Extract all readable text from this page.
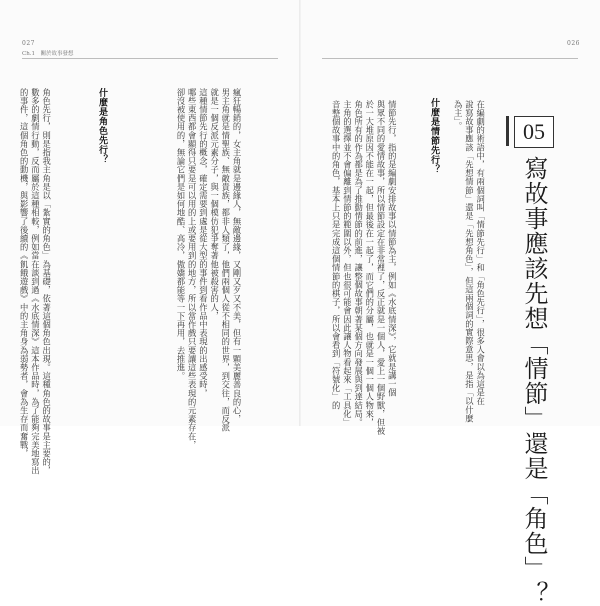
027
Ch.1　關於故事發想
瘋狂暢銷的，女主角就是邊緣人，無敵邊緣，又剛又歹又不美，但有一顆美麗善良的心，
男主角就是情聖族、無敵貴族，都非人類了，他們兩個人從不相同的世界，到交往，而反派
就是一個反派元素分子，與一個模仿犯爭奪著他被殺害的人，
這種情節先行的概念，確定需要到處是從大型的事件到看作品中表現的出感受時，
哪些東西都會顯得只要是可以用的上或要用到的地方，所以當作戲只要讓這些表現的元素存在，
卻沒被使用的，無論它們是如何地酷、高冷，傲嬌都能等一下再用，去推進。
什麼是角色先行？
角色先行，則是指我主角是以「紮實的角色」為基礎，依著這個角色出現。這種角色的故事是主要的，
數多的劇情行動，反而屬於這種相較，例如當在談到過《水底情深》這本作品時，為了能夠完美地寫出
的事件，這個角色的動機，與影響了後續的《飢餓遊戲》中的主角身為弱勢者，會為生存而奮戰，
026
在編劇的術語中，有兩個詞叫「情節先行」和「角色先行」，很多人會以為這是在
說寫故事應該「先想情節」還是「先想角色」，但這兩個詞的實際意思，是指「以什麼
為主」。
什麼是情節先行？
情節先行，指的是編劇安排故事以情節為主，例如《水底情深》，它就是講一個
與眾不同的愛情故事，所以情節設定在非常裡了，反正就是一個人，愛上一個野獸，但被
於一大堆原因不能在一起，但最後在一起了，而它們的分屬，也就是一個一個人物來，
角色所有的作為都是為了推動情節的前進，讓整個故事朝著某個方向發展與到達結局。
主角的選擇並不會偏離到情節的範圍以外，但也很可能會因此讓人物看起來「工具化」
音整個故事中的角色，基本上只是完成這個情節的棋子，所以會看到「符號化」的	05
寫故事應該先想「情節」還是「角色」？
